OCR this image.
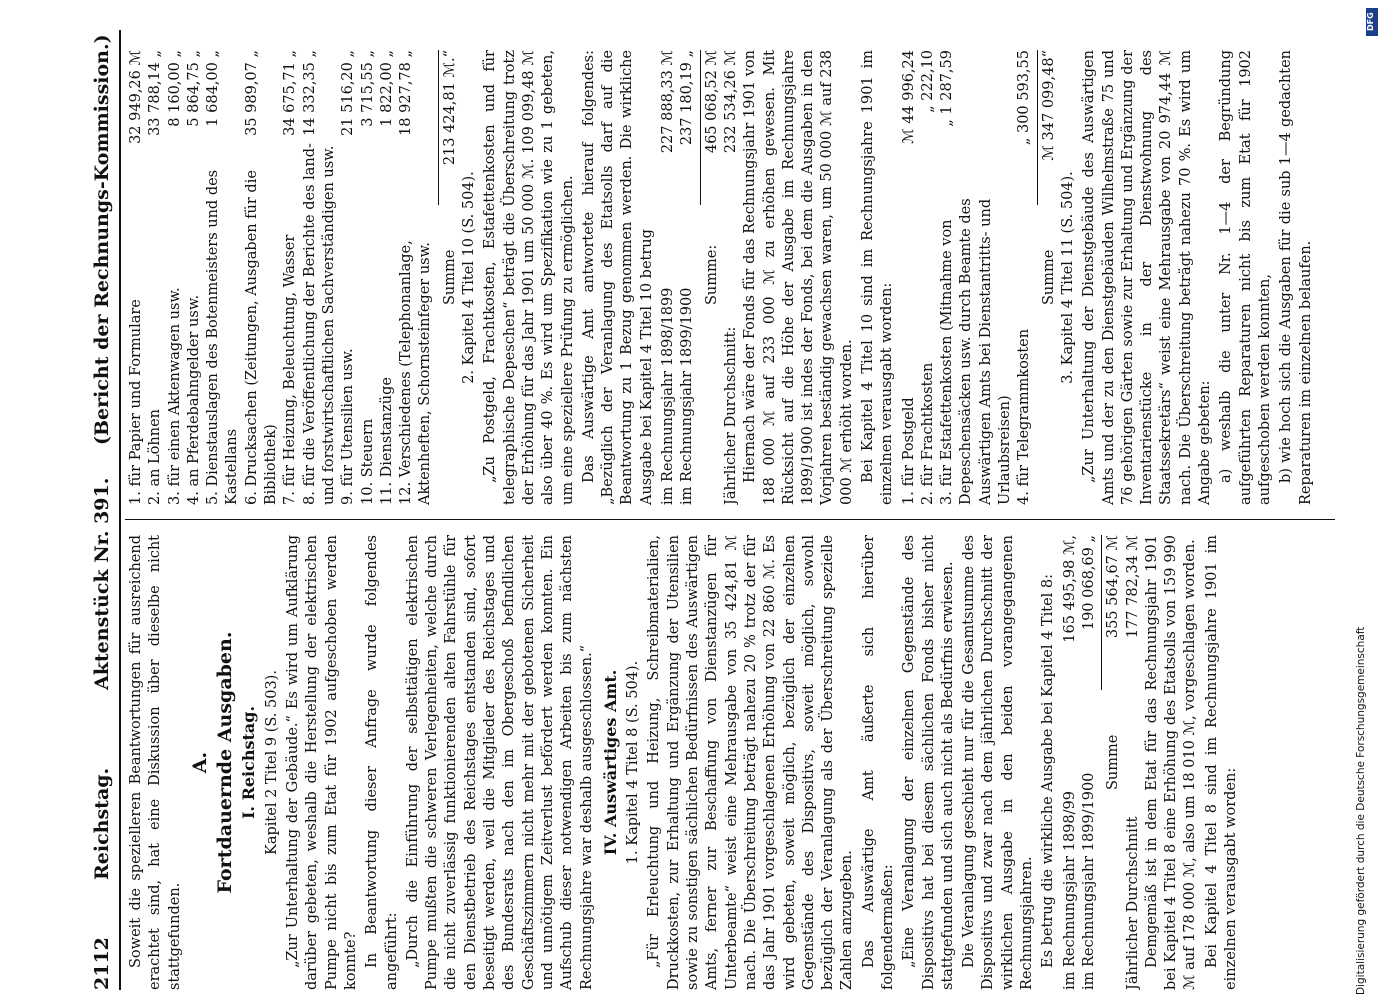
2112
Reichstag.
Aktenstück Nr. 391.
(Bericht der Rechnungs-Kommission.)

Soweit die spezielleren Beantwortungen für ausreichend erachtet sind, hat eine Diskussion über dieselbe nicht stattgefunden.

A. Fortdauernde Ausgaben. I. Reichstag. Kapitel 2 Titel 9 (S. 503). „Zur Unterhaltung der Gebäude.“ Es wird um Aufklärung darüber gebeten, weshalb die Herstellung der elektrischen Pumpe nicht bis zum Etat für 1902 aufgeschoben werden konnte? In Beantwortung dieser Anfrage wurde folgendes angeführt: „Durch die Einführung der selbsttätigen elektrischen Pumpe mußten die schweren Verlegenheiten, welche durch die nicht zuverlässig funktionierenden alten Fahrstühle für den Dienstbetrieb des Reichstages entstanden sind, sofort beseitigt werden, weil die Mitglieder des Reichstages und des Bundesrats nach den im Obergeschoß befindlichen Geschäftszimmern nicht mehr mit der gebotenen Sicherheit und unnötigem Zeitverlust befördert werden konnten. Ein Aufschub dieser notwendigen Arbeiten bis zum nächsten Rechnungsjahre war deshalb ausgeschlossen.“ IV. Auswärtiges Amt. 1. Kapitel 4 Titel 8 (S. 504). „Für Erleuchtung und Heizung, Schreibmaterialien, Druckkosten, zur Erhaltung und Ergänzung der Utensilien sowie zu sonstigen sächlichen Bedürfnissen des Auswärtigen Amts, ferner zur Beschaffung von Dienstanzügen für Unterbeamte“ weist eine Mehrausgabe von 35 424,81 ℳ nach. Die Überschreitung beträgt nahezu 20 % trotz der für das Jahr 1901 vorgeschlagenen Erhöhung von 22 860 ℳ. Es wird gebeten, soweit möglich, bezüglich der einzelnen Gegenstände des Dispositivs, soweit möglich, sowohl bezüglich der Veranlagung als der Überschreitung spezielle Zahlen anzugeben. Das Auswärtige Amt äußerte sich hierüber folgendermaßen: „Eine Veranlagung der einzelnen Gegenstände des Dispositivs hat bei diesem sächlichen Fonds bisher nicht stattgefunden und sich auch nicht als Bedürfnis erwiesen. Die Veranlagung geschieht nur für die Gesamtsumme des Dispositivs und zwar nach dem jährlichen Durchschnitt der wirklichen Ausgabe in den beiden vorangegangenen Rechnungsjahren. Es betrug die wirkliche Ausgabe bei Kapitel 4 Titel 8: im Rechnungsjahr 1898/99
165 495,98 ℳ,
im Rechnungsjahr 1899/1900
190 068,69 „
Summe
355 564,67 ℳ
Jährlicher Durchschnitt
177 782,34 ℳ Demgemäß ist in dem Etat für das Rechnungsjahr 1901 bei Kapitel 4 Titel 8 eine Erhöhung des Etatsolls von 159 990 ℳ auf 178 000 ℳ, also um 18 010 ℳ, vorgeschlagen worden. Bei Kapitel 4 Titel 8 sind im Rechnungsjahre 1901 im einzelnen verausgabt worden:

1. für Papier und Formulare
32 949,26 ℳ
2. an Löhnen
33 788,14 „
3. für einen Aktenwagen usw.
8 160,00 „
4. an Pferdebahngelder usw.
5 864,75 „
5. Dienstauslagen des Botenmeisters und des Kastellans
1 684,00 „
6. Drucksachen (Zeitungen, Ausgaben für die Bibliothek)
35 989,07 „
7. für Heizung, Beleuchtung, Wasser
34 675,71 „
8. für die Veröffentlichung der Berichte des land- und forstwirtschaftlichen Sachverständigen usw.
14 332,35 „
9. für Utensilien usw.
21 516,20 „
10. Steuern
3 715,55 „
11. Dienstanzüge
1 822,00 „
12. Verschiedenes (Telephonanlage, Aktenheften, Schornsteinfeger usw.
18 927,78 „
Summe
213 424,81 ℳ.“

2. Kapitel 4 Titel 10 (S. 504). „Zu Postgeld, Frachtkosten, Estafettenkosten und für telegraphische Depeschen“ beträgt die Überschreitung trotz der Erhöhung für das Jahr 1901 um 50 000 ℳ. 109 099,48 ℳ also über 40 %. Es wird um Spezifikation wie zu 1 gebeten, um eine speziellere Prüfung zu ermöglichen. Das Auswärtige Amt antwortete hierauf folgendes: „Bezüglich der Veranlagung des Etatsolls darf auf die Beantwortung zu 1 Bezug genommen werden. Die wirkliche Ausgabe bei Kapitel 4 Titel 10 betrug im Rechnungsjahr 1898/1899
227 888,33 ℳ
im Rechnungsjahr 1899/1900
237 180,19 „
Summe:
465 068,52 ℳ
Jährlicher Durchschnitt:
232 534,26 ℳ Hiernach wäre der Fonds für das Rechnungsjahr 1901 von 188 000 ℳ auf 233 000 ℳ zu erhöhen gewesen. Mit Rücksicht auf die Höhe der Ausgabe im Rechnungsjahre 1899/1900 ist indes der Fonds, bei dem die Ausgaben in den Vorjahren beständig gewachsen waren, um 50 000 ℳ auf 238 000 ℳ erhöht worden. Bei Kapitel 4 Titel 10 sind im Rechnungsjahre 1901 im einzelnen verausgabt worden: 1. für Postgeld
ℳ 44 996,24
2. für Frachtkosten
„ 222,10
3. für Estafettenkosten (Mitnahme von Depeschensäcken usw. durch Beamte des Auswärtigen Amts bei Dienstantritts- und Urlaubsreisen)
„ 1 287,59
4. für Telegrammkosten
„ 300 593,55
Summe
ℳ 347 099,48“

3. Kapitel 4 Titel 11 (S. 504). „Zur Unterhaltung der Dienstgebäude des Auswärtigen Amts und der zu den Dienstgebäuden Wilhelmstraße 75 und 76 gehörigen Gärten sowie zur Erhaltung und Ergänzung der Inventarienstücke in der Dienstwohnung des Staatssekretärs“ weist eine Mehrausgabe von 20 974,44 ℳ nach. Die Überschreitung beträgt nahezu 70 %. Es wird um Angabe gebeten: a) weshalb die unter Nr. 1—4 der Begründung aufgeführten Reparaturen nicht bis zum Etat für 1902 aufgeschoben werden konnten, b) wie hoch sich die Ausgaben für die sub 1—4 gedachten Reparaturen im einzelnen belaufen.

Digitalisierung gefördert durch die Deutsche Forschungsgemeinschaft
DFG
